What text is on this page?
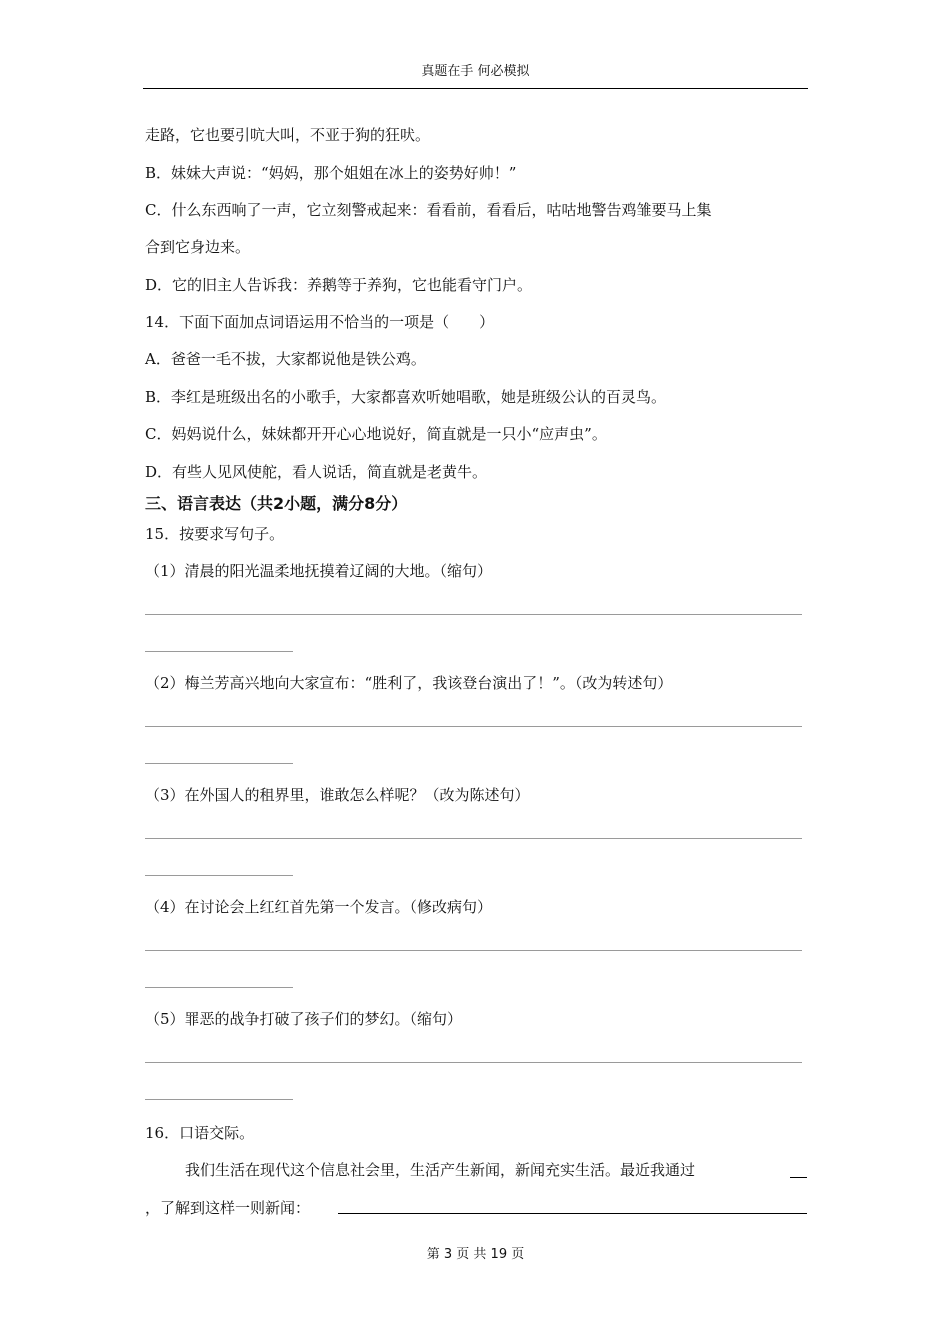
真题在手 何必模拟
走路，它也要引吭大叫，不亚于狗的狂吠。
B．妹妹大声说：“妈妈，那个姐姐在冰上的姿势好帅！”
C．什么东西响了一声，它立刻警戒起来：看看前，看看后，咕咕地警告鸡雏要马上集
合到它身边来。
D．它的旧主人告诉我：养鹅等于养狗，它也能看守门户。
14．下面下面加点词语运用不恰当的一项是（　　）
A．爸爸一毛不拔，大家都说他是铁公鸡。
B．李红是班级出名的小歌手，大家都喜欢听她唱歌，她是班级公认的百灵鸟。
C．妈妈说什么，妹妹都开开心心地说好，简直就是一只小“应声虫”。
D．有些人见风使舵，看人说话，简直就是老黄牛。
三、语言表达（共2小题，满分8分）
15．按要求写句子。
（1）清晨的阳光温柔地抚摸着辽阔的大地。（缩句）
（2）梅兰芳高兴地向大家宣布：“胜利了，我该登台演出了！”。（改为转述句）
（3）在外国人的租界里，谁敢怎么样呢？（改为陈述句）
（4）在讨论会上红红首先第一个发言。（修改病句）
（5）罪恶的战争打破了孩子们的梦幻。（缩句）
16．口语交际。
我们生活在现代这个信息社会里，生活产生新闻，新闻充实生活。最近我通过
，了解到这样一则新闻：
第 3 页 共 19 页
